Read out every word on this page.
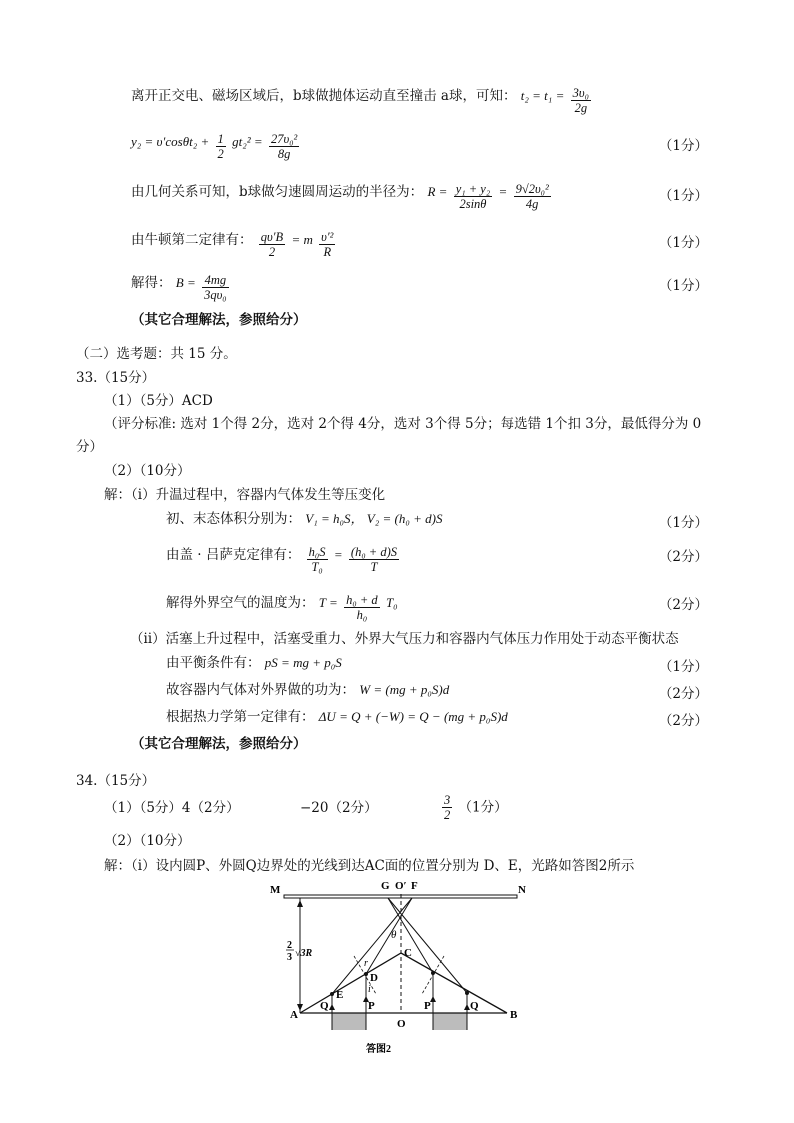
离开正交电、磁场区域后，b球做抛体运动直至撞击 a球，可知： $t_2 = t_1 = \frac{\text{3υ₀}}{2g}$
$y_2 = \upsilon'\cos\theta t_2 + \frac{1}{2} gt_2^2 = \frac{\text{27υ₀²}}{8g}$	（1分）
由几何关系可知，b球做匀速圆周运动的半径为： $R = \frac{\text{y₁ + y₂}}{2\sin\theta} = \frac{\text{9√2υ₀²}}{4g}$	（1分）
由牛顿第二定律有： $\frac{q\upsilon'B}{2} = m \frac{\text{υ′²}}{R}$	（1分）
解得： $B = \frac{4mg}{\text{3qυ₀}}$	（1分）
（其它合理解法，参照给分）
（二）选考题：共 15 分。
33.（15分）
（1）（5分）ACD
（评分标准: 选对 1个得 2分，选对 2个得 4分，选对 3个得 5分；每选错 1个扣 3分，最低得分为 0
分）
（2）（10分）
解：（ⅰ）升温过程中，容器内气体发生等压变化
初、末态体积分别为： V₁ = h₀S， V₂ = (h₀ + d)S	（1分）
由盖 · 吕萨克定律有： $\frac{\text{h₀S}}{\text{T₀}} = \frac{\text{(h₀ + d)S}}{T}$	（2分）
解得外界空气的温度为： $T = \frac{\text{h₀ + d}}{\text{h₀}} T_0$	（2分）
（ⅱ）活塞上升过程中，活塞受重力、外界大气压力和容器内气体压力作用处于动态平衡状态
由平衡条件有： pS = mg + p₀S	（1分）
故容器内气体对外界做的功为： W = (mg + p₀S)d	（2分）
根据热力学第一定律有： ΔU = Q + (−W) = Q − (mg + p₀S)d	（2分）
（其它合理解法，参照给分）
34.（15分）
（1）（5分）4（2分）	−20（2分）	$\frac{3}{2} (1$分）
（2）（10分）
解：（ⅰ）设内圆P、外圆Q边界处的光线到达AC面的位置分别为 D、E，光路如答图2所示
M	N
G O′ F
θ
C
r
D
i
E
A	B
Q	P
O
P	Q
2
3 √3R
答图2
